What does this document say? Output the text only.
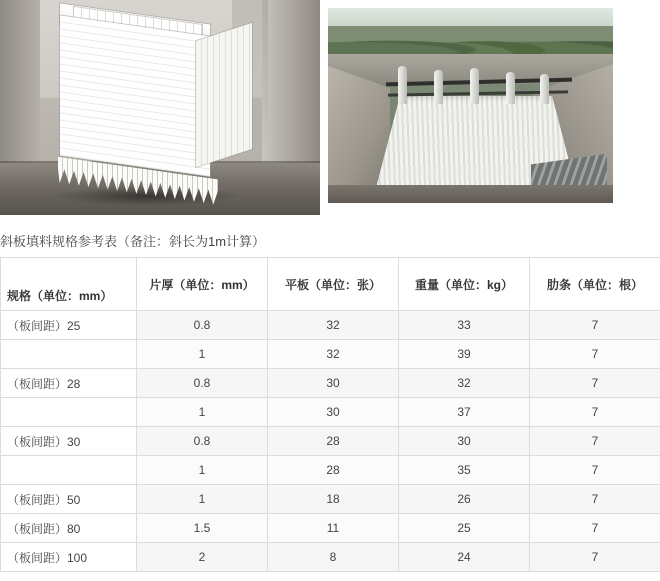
斜板填料规格参考表（备注：斜长为1m计算）
规格（单位：mm）	片厚（单位：mm）	平板（单位：张）	重量（单位：kg）	肋条（单位：根）
（板间距）25	0.8	32	33	7
	1	32	39	7
（板间距）28	0.8	30	32	7
	1	30	37	7
（板间距）30	0.8	28	30	7
	1	28	35	7
（板间距）50	1	18	26	7
（板间距）80	1.5	11	25	7
（板间距）100	2	8	24	7
